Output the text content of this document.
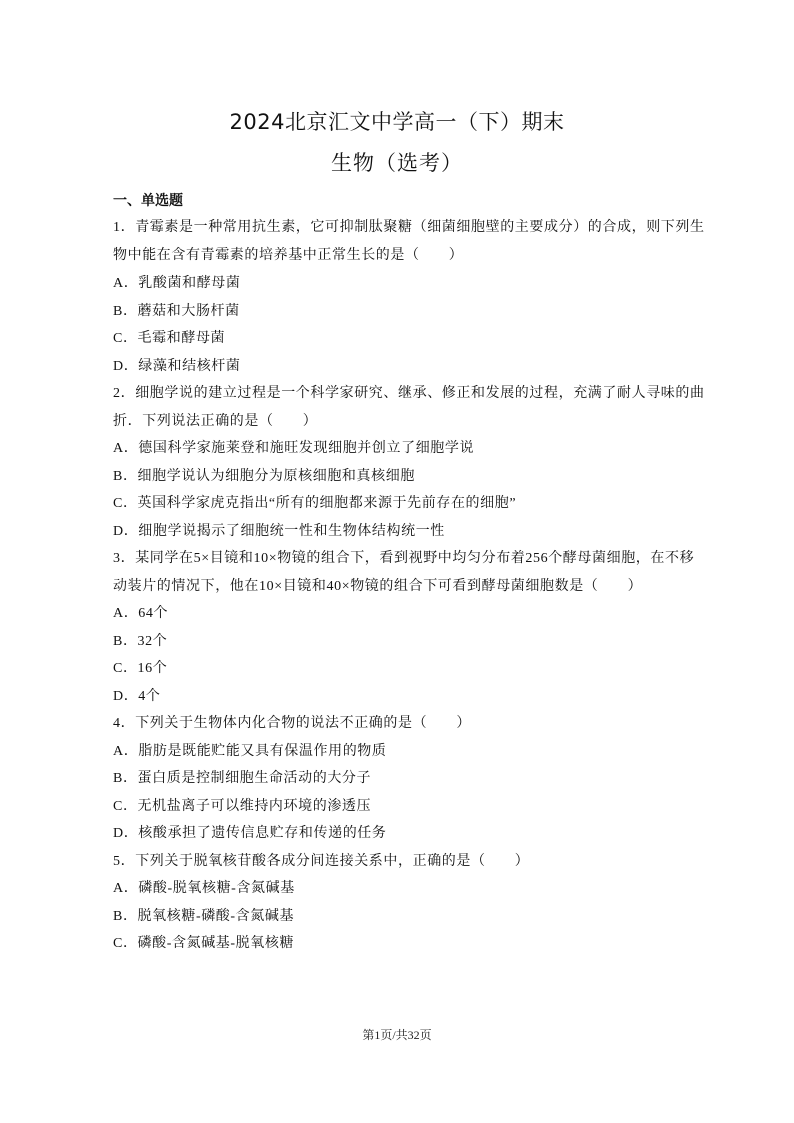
2024北京汇文中学高一（下）期末
生物（选考）
一、单选题
1．青霉素是一种常用抗生素，它可抑制肽聚糖（细菌细胞壁的主要成分）的合成，则下列生
物中能在含有青霉素的培养基中正常生长的是（　　）
A．乳酸菌和酵母菌
B．蘑菇和大肠杆菌
C．毛霉和酵母菌
D．绿藻和结核杆菌
2．细胞学说的建立过程是一个科学家研究、继承、修正和发展的过程，充满了耐人寻味的曲
折．下列说法正确的是（　　）
A．德国科学家施莱登和施旺发现细胞并创立了细胞学说
B．细胞学说认为细胞分为原核细胞和真核细胞
C．英国科学家虎克指出“所有的细胞都来源于先前存在的细胞”
D．细胞学说揭示了细胞统一性和生物体结构统一性
3．某同学在5×目镜和10×物镜的组合下，看到视野中均匀分布着256个酵母菌细胞，在不移
动装片的情况下，他在10×目镜和40×物镜的组合下可看到酵母菌细胞数是（　　）
A．64个
B．32个
C．16个
D．4个
4．下列关于生物体内化合物的说法不正确的是（　　）
A．脂肪是既能贮能又具有保温作用的物质
B．蛋白质是控制细胞生命活动的大分子
C．无机盐离子可以维持内环境的渗透压
D．核酸承担了遗传信息贮存和传递的任务
5．下列关于脱氧核苷酸各成分间连接关系中，正确的是（　　）
A．磷酸-脱氧核糖-含氮碱基
B．脱氧核糖-磷酸-含氮碱基
C．磷酸-含氮碱基-脱氧核糖
第1页/共32页
